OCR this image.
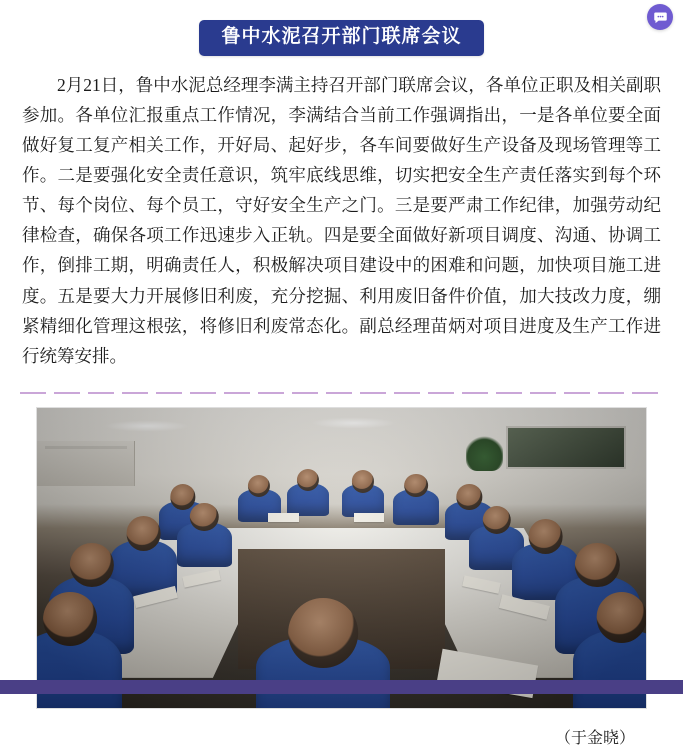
鲁中水泥召开部门联席会议

2月21日，鲁中水泥总经理李满主持召开部门联席会议，各单位正职及相关副职参加。各单位汇报重点工作情况，李满结合当前工作强调指出，一是各单位要全面做好复工复产相关工作，开好局、起好步，各车间要做好生产设备及现场管理等工作。二是要强化安全责任意识，筑牢底线思维，切实把安全生产责任落实到每个环节、每个岗位、每个员工，守好安全生产之门。三是要严肃工作纪律，加强劳动纪律检查，确保各项工作迅速步入正轨。四是要全面做好新项目调度、沟通、协调工作，倒排工期，明确责任人，积极解决项目建设中的困难和问题，加快项目施工进度。五是要大力开展修旧利废，充分挖掘、利用废旧备件价值，加大技改力度，绷紧精细化管理这根弦，将修旧利废常态化。副总经理苗炳对项目进度及生产工作进行统筹安排。

（于金晓）
